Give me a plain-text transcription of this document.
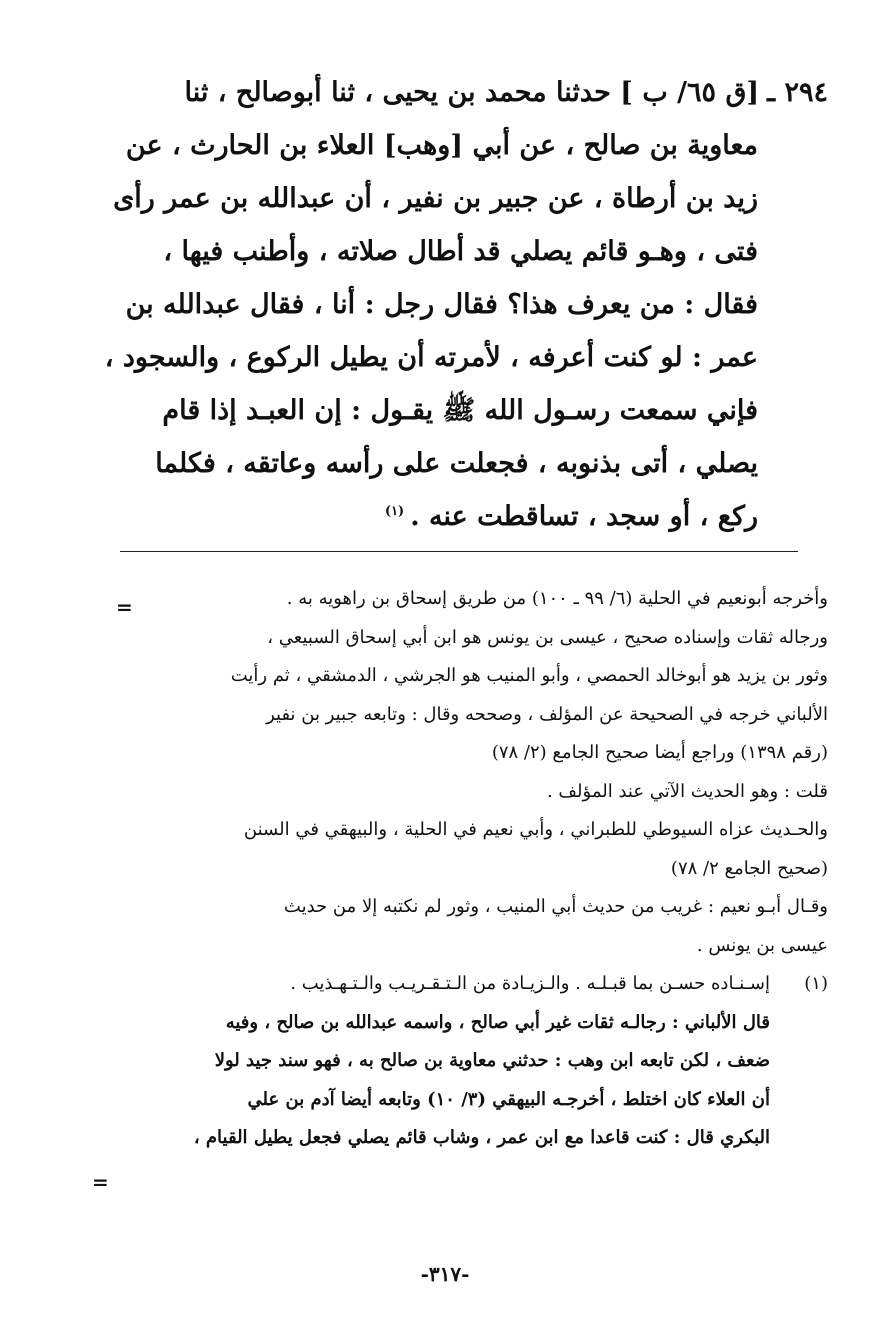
٢٩٤ ـ[ق ٦٥/ ب ] حدثنا محمد بن يحيى ، ثنا أبوصالح ، ثنا
معاوية بن صالح ، عن أبي [وهب] العلاء بن الحارث ، عن
زيد بن أرطاة ، عن جبير بن نفير ، أن عبدالله بن عمر رأى
فتى ، وهـو قائم يصلي قد أطال صلاته ، وأطنب فيها ،
فقال : من يعرف هذا؟ فقال رجل : أنا ، فقال عبدالله بن
عمر : لو كنت أعرفه ، لأمرته أن يطيل الركوع ، والسجود ،
فإني سمعت رسـول الله ﷺ يقـول : إن العبـد إذا قام
يصلي ، أتى بذنوبه ، فجعلت على رأسه وعاتقه ، فكلما
ركع ، أو سجد ، تساقطت عنه .$^{(١)}$
=	وأخرجه أبونعيم في الحلية (٦/ ٩٩ ـ ١٠٠) من طريق إسحاق بن راهويه به .
ورجاله ثقات وإسناده صحيح ، عيسى بن يونس هو ابن أبي إسحاق السبيعي ،
وثور بن يزيد هو أبوخالد الحمصي ، وأبو المنيب هو الجرشي ، الدمشقي ، ثم رأيت
الألباني خرجه في الصحيحة عن المؤلف ، وصححه وقال : وتابعه جبير بن نفير
(رقم ١٣٩٨) وراجع أيضا صحيح الجامع (٢/ ٧٨)
قلت : وهو الحديث الآتي عند المؤلف .
والحـديث عزاه السيوطي للطبراني ، وأبي نعيم في الحلية ، والبيهقي في السنن
(صحيح الجامع ٢/ ٧٨)
وقـال أبـو نعيم : غريب من حديث أبي المنيب ، وثور لم نكتبه إلا من حديث
عيسى بن يونس .
(١)إسـنـاده حسـن بما قبـلـه . والـزيـادة من الـتـقـريـب والـتـهـذيب .
قال الألباني : رجالـه ثقات غير أبي صالح ، واسمه عبدالله بن صالح ، وفيه
ضعف ، لكن تابعه ابن وهب : حدثني معاوية بن صالح به ، فهو سند جيد لولا
أن العلاء كان اختلط ، أخرجـه البيهقي (٣/ ١٠) وتابعه أيضا آدم بن علي
البكري قال : كنت قاعدا مع ابن عمر ، وشاب قائم يصلي فجعل يطيل القيام ،
=
-٣١٧-
